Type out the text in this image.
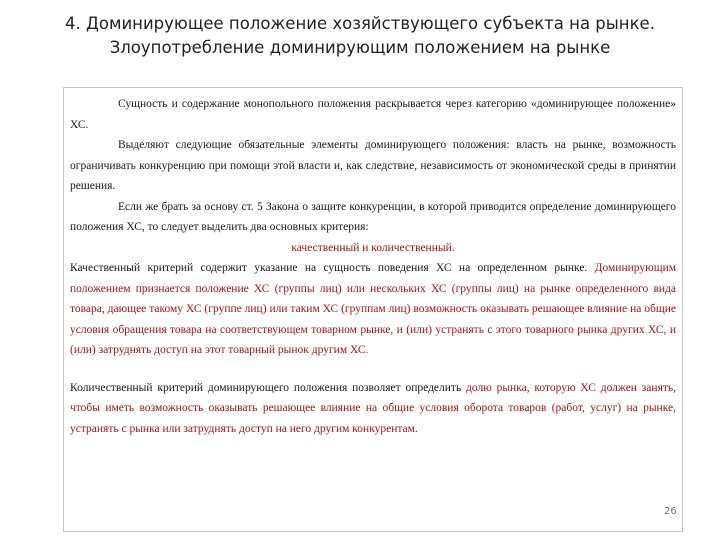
4. Доминирующее положение хозяйствующего субъекта на рынке.
Злоупотребление доминирующим положением на рынке

Сущность и содержание монопольного положения раскрывается через категорию «доминирующее положение» ХС.

Выделяют следующие обязательные элементы доминирующего положения: власть на рынке, возможность ограничивать конкуренцию при помощи этой власти и, как следствие, независимость от экономической среды в принятии решения.

Если же брать за основу ст. 5 Закона о защите конкуренции, в которой приводится определение доминирующего положения ХС, то следует выделить два основных критерия:

качественный и количественный.

Качественный критерий содержит указание на сущность поведения ХС на определенном рынке. Доминирующим положением признается положение ХС (группы лиц) или нескольких ХС (группы лиц) на рынке определенного вида товара, дающее такому ХС (группе лиц) или таким ХС (группам лиц) возможность оказывать решающее влияние на общие условия обращения товара на соответствующем товарном рынке, и (или) устранять с этого товарного рынка других ХС, и (или) затруднять доступ на этот товарный рынок другим ХС.

Количественный критерий доминирующего положения позволяет определить долю рынка, которую ХС должен занять, чтобы иметь возможность оказывать решающее влияние на общие условия оборота товаров (работ, услуг) на рынке, устранять с рынка или затруднять доступ на него другим конкурентам.

26
